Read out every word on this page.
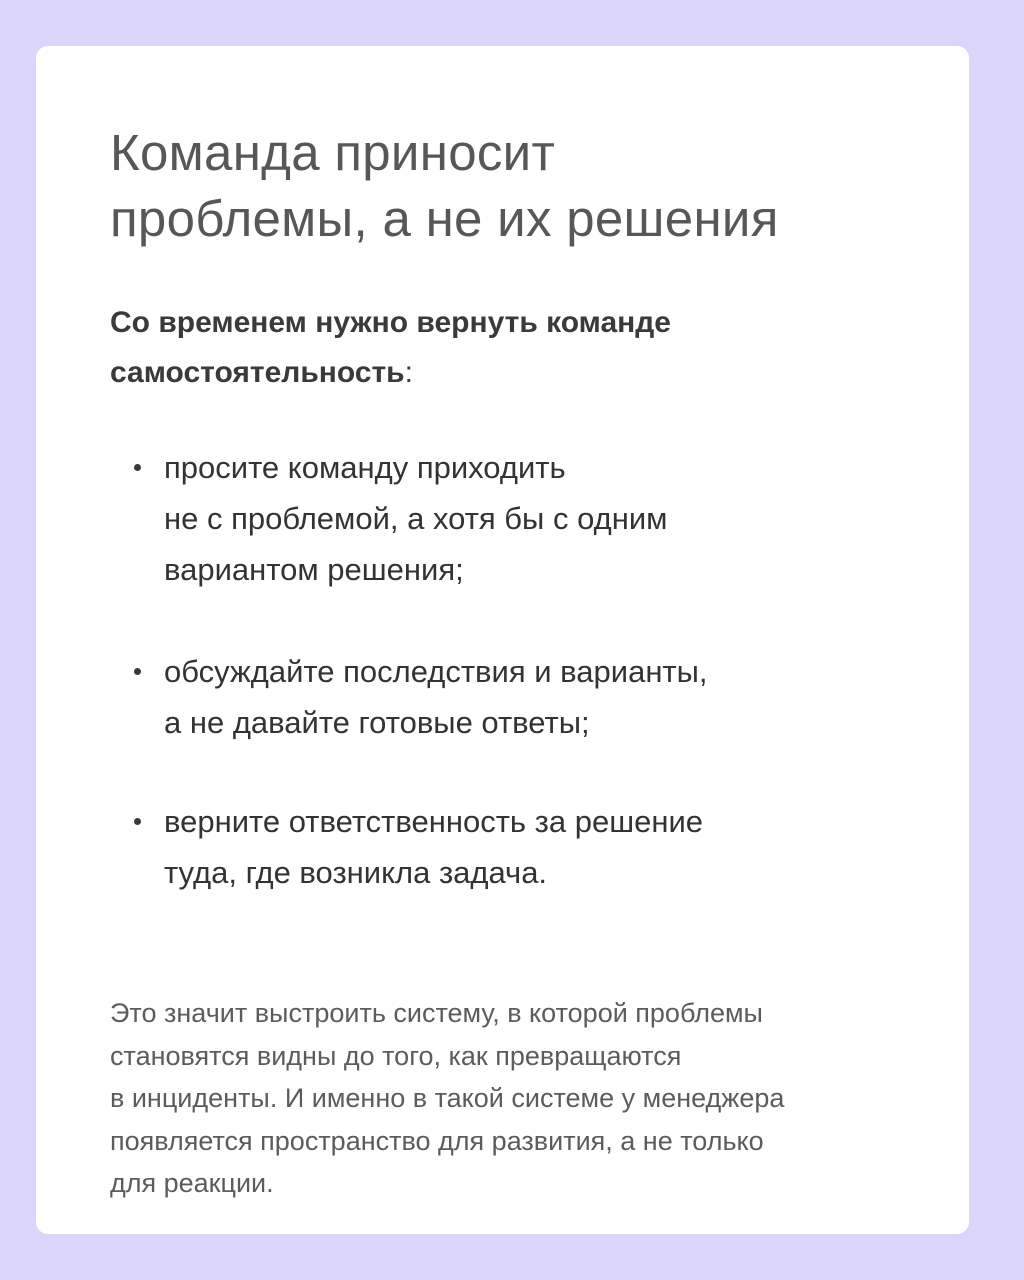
Команда приносит
проблемы, а не их решения

Со временем нужно вернуть команде
самостоятельность:

просите команду приходить
не с проблемой, а хотя бы с одним
вариантом решения;
обсуждайте последствия и варианты,
а не давайте готовые ответы;
верните ответственность за решение
туда, где возникла задача.

Это значит выстроить систему, в которой проблемы
становятся видны до того, как превращаются
в инциденты. И именно в такой системе у менеджера
появляется пространство для развития, а не только
для реакции.
